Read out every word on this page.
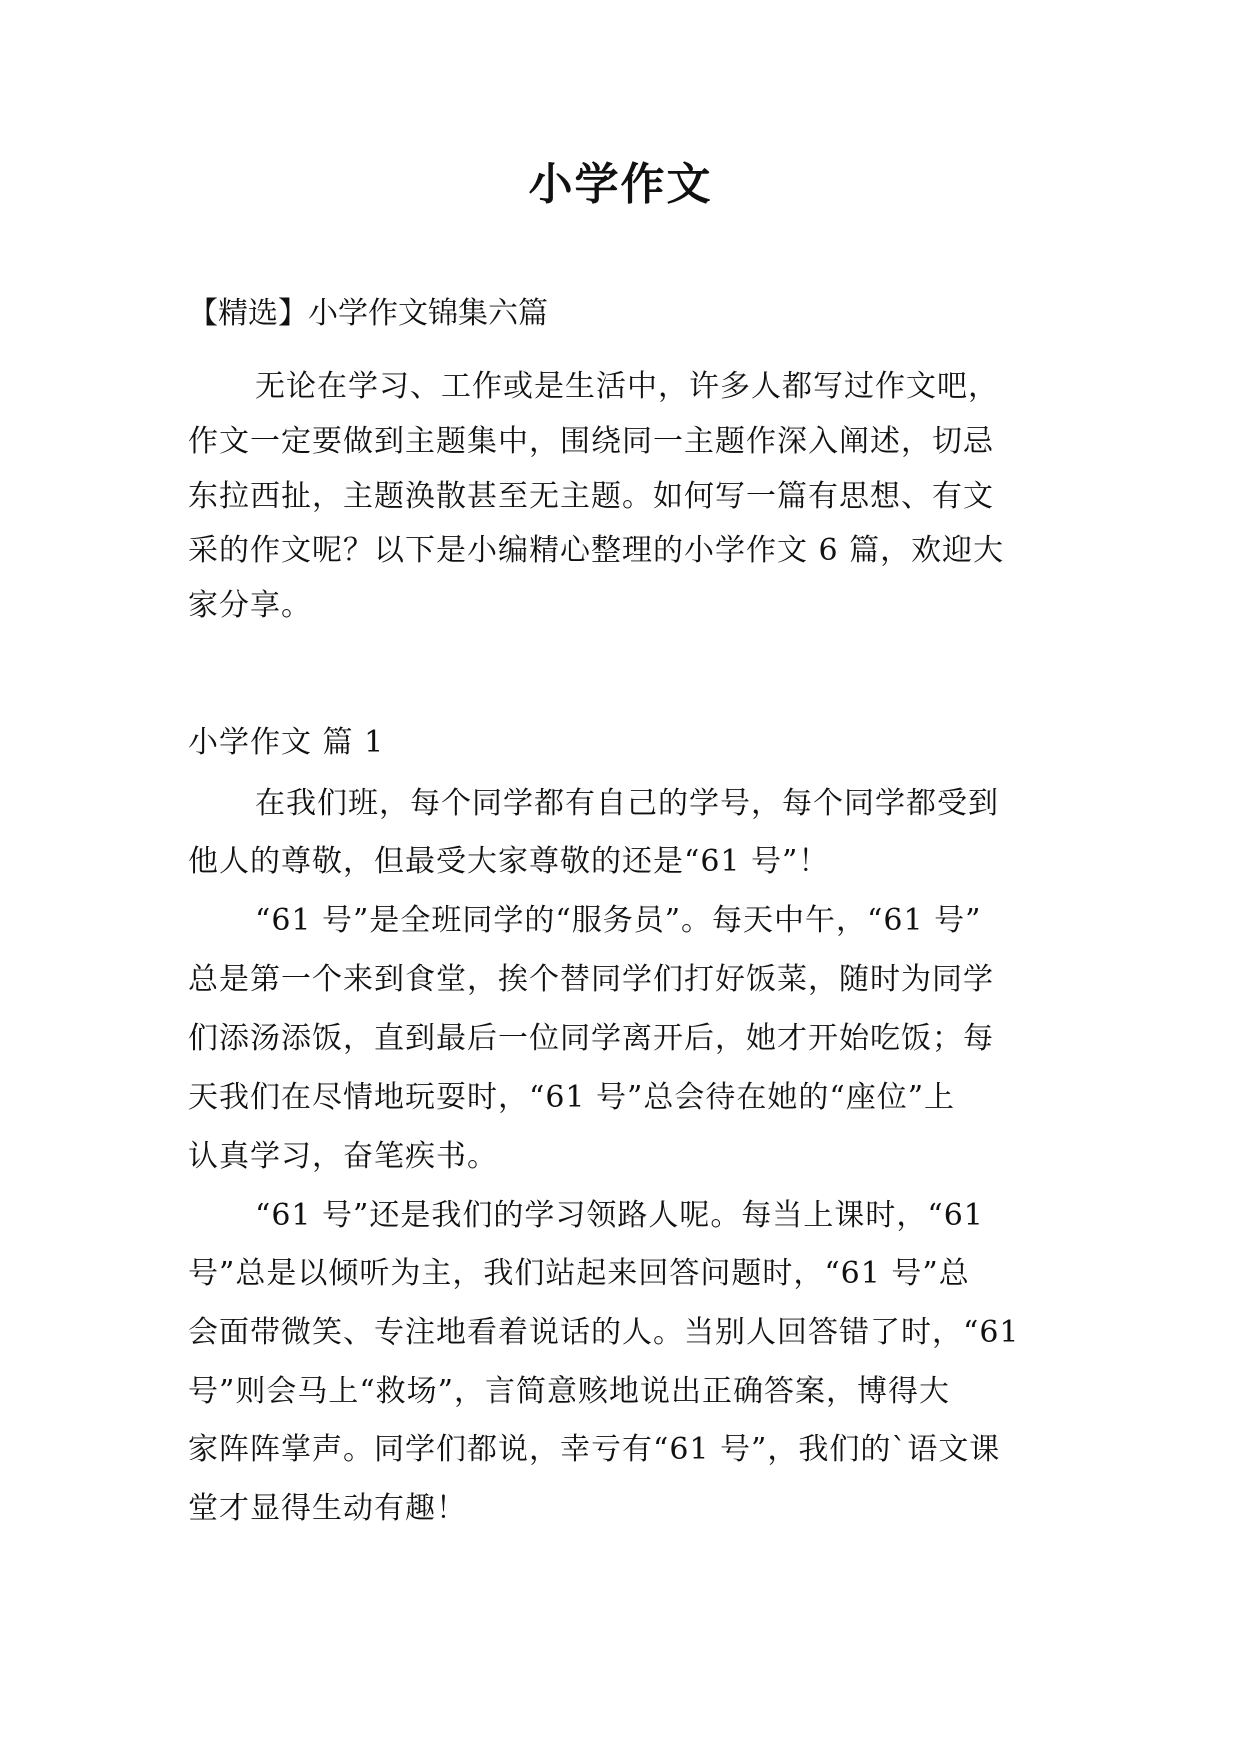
小学作文
【精选】小学作文锦集六篇
无论在学习、工作或是生活中，许多人都写过作文吧，
作文一定要做到主题集中，围绕同一主题作深入阐述，切忌
东拉西扯，主题涣散甚至无主题。如何写一篇有思想、有文
采的作文呢？以下是小编精心整理的小学作文 6 篇，欢迎大
家分享。
小学作文 篇 1
在我们班，每个同学都有自己的学号，每个同学都受到
他人的尊敬，但最受大家尊敬的还是“61 号”！
“61 号”是全班同学的“服务员”。每天中午，“61 号”
总是第一个来到食堂，挨个替同学们打好饭菜，随时为同学
们添汤添饭，直到最后一位同学离开后，她才开始吃饭；每
天我们在尽情地玩耍时，“61 号”总会待在她的“座位”上
认真学习，奋笔疾书。
“61 号”还是我们的学习领路人呢。每当上课时，“61
号”总是以倾听为主，我们站起来回答问题时，“61 号”总
会面带微笑、专注地看着说话的人。当别人回答错了时，“61
号”则会马上“救场”，言简意赅地说出正确答案，博得大
家阵阵掌声。同学们都说，幸亏有“61 号”，我们的`语文课
堂才显得生动有趣！
